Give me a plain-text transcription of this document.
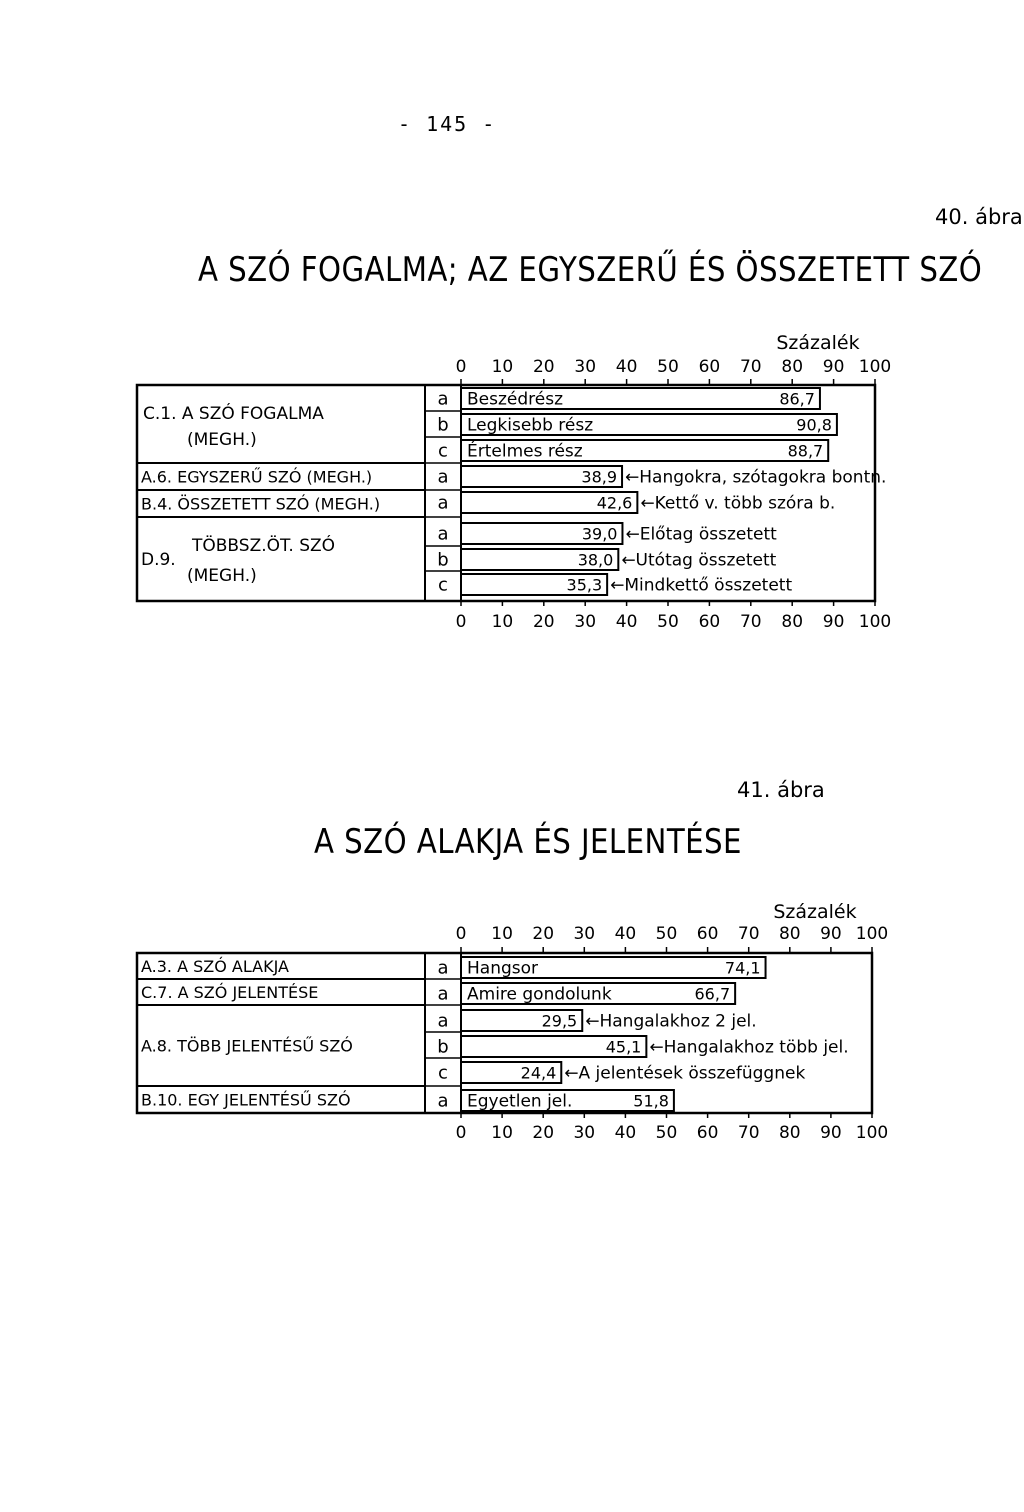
- 145 -
40. ábra
A SZÓ FOGALMA; AZ EGYSZERŰ ÉS ÖSSZETETT SZÓ
41. ábra
A SZÓ ALAKJA ÉS JELENTÉSE
Százalék
0
0
10
10
20
20
30
30
40
40
50
50
60
60
70
70
80
80
90
90
100
100
C.1. A SZÓ FOGALMA
(MEGH.)
a Beszédrész	86,7
b Legkisebb rész	90,8
c Értelmes rész	88,7
A.6. EGYSZERŰ SZÓ (MEGH.)	a	38,9 ←Hangokra, szótagokra bontn.
B.4. ÖSSZETETT SZÓ (MEGH.)	a	42,6 ←Kettő v. több szóra b.
D.9.
TÖBBSZ.ÖT. SZÓ
(MEGH.)
a	39,0 ←Előtag összetett
b	38,0 ←Utótag összetett
c	35,3 ←Mindkettő összetett
Százalék
0
0
10
10
20
20
30
30
40
40
50
50
60
60
70
70
80
80
90
90
100
100
A.3. A SZÓ ALAKJA	a Hangsor	74,1
C.7. A SZÓ JELENTÉSE	a Amire gondolunk	66,7
A.8. TÖBB JELENTÉSŰ SZÓ
a	29,5 ←Hangalakhoz 2 jel.
b	45,1 ←Hangalakhoz több jel.
c	24,4 ←A jelentések összefüggnek
B.10. EGY JELENTÉSŰ SZÓ	a Egyetlen jel.	51,8
